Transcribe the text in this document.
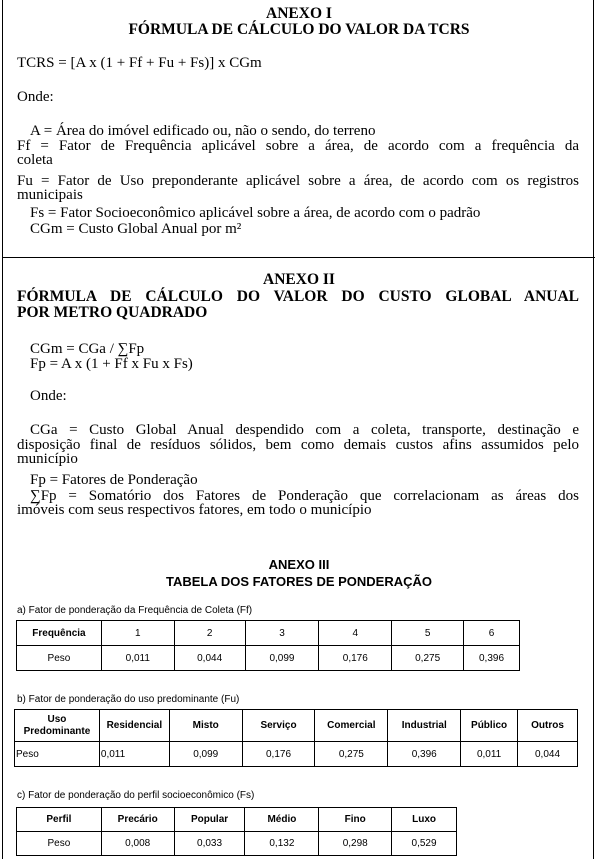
ANEXO I
FÓRMULA DE CÁLCULO DO VALOR DA TCRS
TCRS = [A x (1 + Ff + Fu + Fs)] x CGm
Onde:
A = Área do imóvel edificado ou, não o sendo, do terreno
Ff = Fator de Frequência aplicável sobre a área, de acordo com a frequência da
coleta
Fu = Fator de Uso preponderante aplicável sobre a área, de acordo com os registros
municipais
Fs = Fator Socioeconômico aplicável sobre a área, de acordo com o padrão
CGm = Custo Global Anual por m²
ANEXO II
FÓRMULA DE CÁLCULO DO VALOR DO CUSTO GLOBAL ANUAL
POR METRO QUADRADO
CGm = CGa / ∑Fp
Fp = A x (1 + Ff x Fu x Fs)
Onde:
CGa = Custo Global Anual despendido com a coleta, transporte, destinação e
disposição final de resíduos sólidos, bem como demais custos afins assumidos pelo
município
Fp = Fatores de Ponderação
∑Fp = Somatório dos Fatores de Ponderação que correlacionam as áreas dos
imóveis com seus respectivos fatores, em todo o município
ANEXO III
TABELA DOS FATORES DE PONDERAÇÃO
a) Fator de ponderação da Frequência de Coleta (Ff)
Frequência	1	2	3	4	5	6
Peso	0,011	0,044	0,099	0,176	0,275	0,396
b) Fator de ponderação do uso predominante (Fu)
Uso Predominante	Residencial	Misto	Serviço	Comercial	Industrial	Público	Outros
Peso	0,011	0,099	0,176	0,275	0,396	0,011	0,044
c) Fator de ponderação do perfil socioeconômico (Fs)
Perfil	Precário	Popular	Médio	Fino	Luxo
Peso	0,008	0,033	0,132	0,298	0,529
